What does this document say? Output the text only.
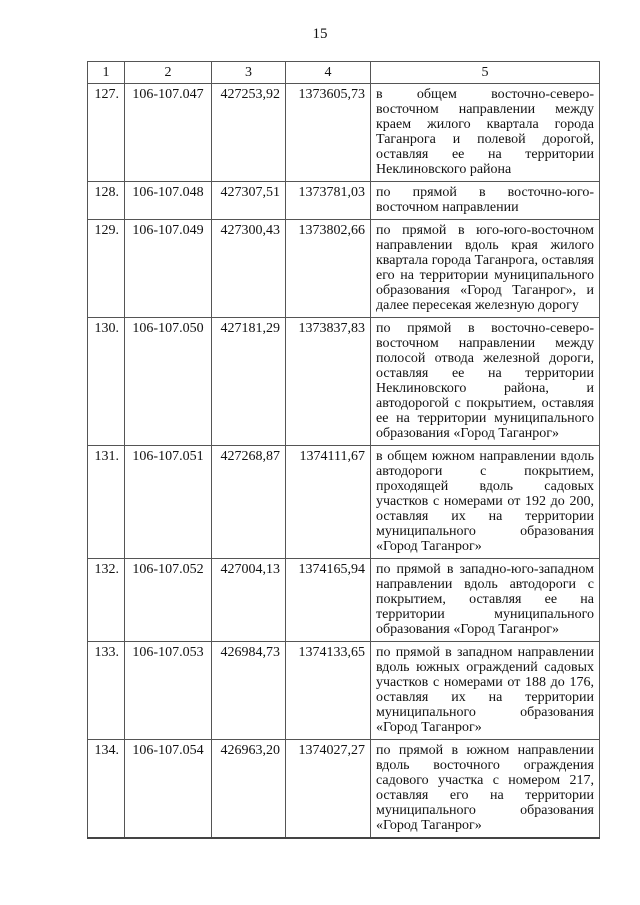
15
1	2	3	4	5
127.	106-107.047	427253,92	1373605,73	в общем восточно-северо-восточном направлении между краем жилого квартала города Таганрога и полевой дорогой, оставляя ее на территории Неклиновского района
128.	106-107.048	427307,51	1373781,03	по прямой в восточно-юго-восточном направлении
129.	106-107.049	427300,43	1373802,66	по прямой в юго-юго-восточном направлении вдоль края жилого квартала города Таганрога, оставляя его на территории муниципального образования «Город Таганрог», и далее пересекая железную дорогу
130.	106-107.050	427181,29	1373837,83	по прямой в восточно-северо-восточном направлении между полосой отвода железной дороги, оставляя ее на территории Неклиновского района, и автодорогой с покрытием, оставляя ее на территории муниципального образования «Город Таганрог»
131.	106-107.051	427268,87	1374111,67	в общем южном направлении вдоль автодороги с покрытием, проходящей вдоль садовых участков с номерами от 192 до 200, оставляя их на территории муниципального образования «Город Таганрог»
132.	106-107.052	427004,13	1374165,94	по прямой в западно-юго-западном направлении вдоль автодороги с покрытием, оставляя ее на территории муниципального образования «Город Таганрог»
133.	106-107.053	426984,73	1374133,65	по прямой в западном направлении вдоль южных ограждений садовых участков с номерами от 188 до 176, оставляя их на территории муниципального образования «Город Таганрог»
134.	106-107.054	426963,20	1374027,27	по прямой в южном направлении вдоль восточного ограждения садового участка с номером 217, оставляя его на территории муниципального образования «Город Таганрог»
